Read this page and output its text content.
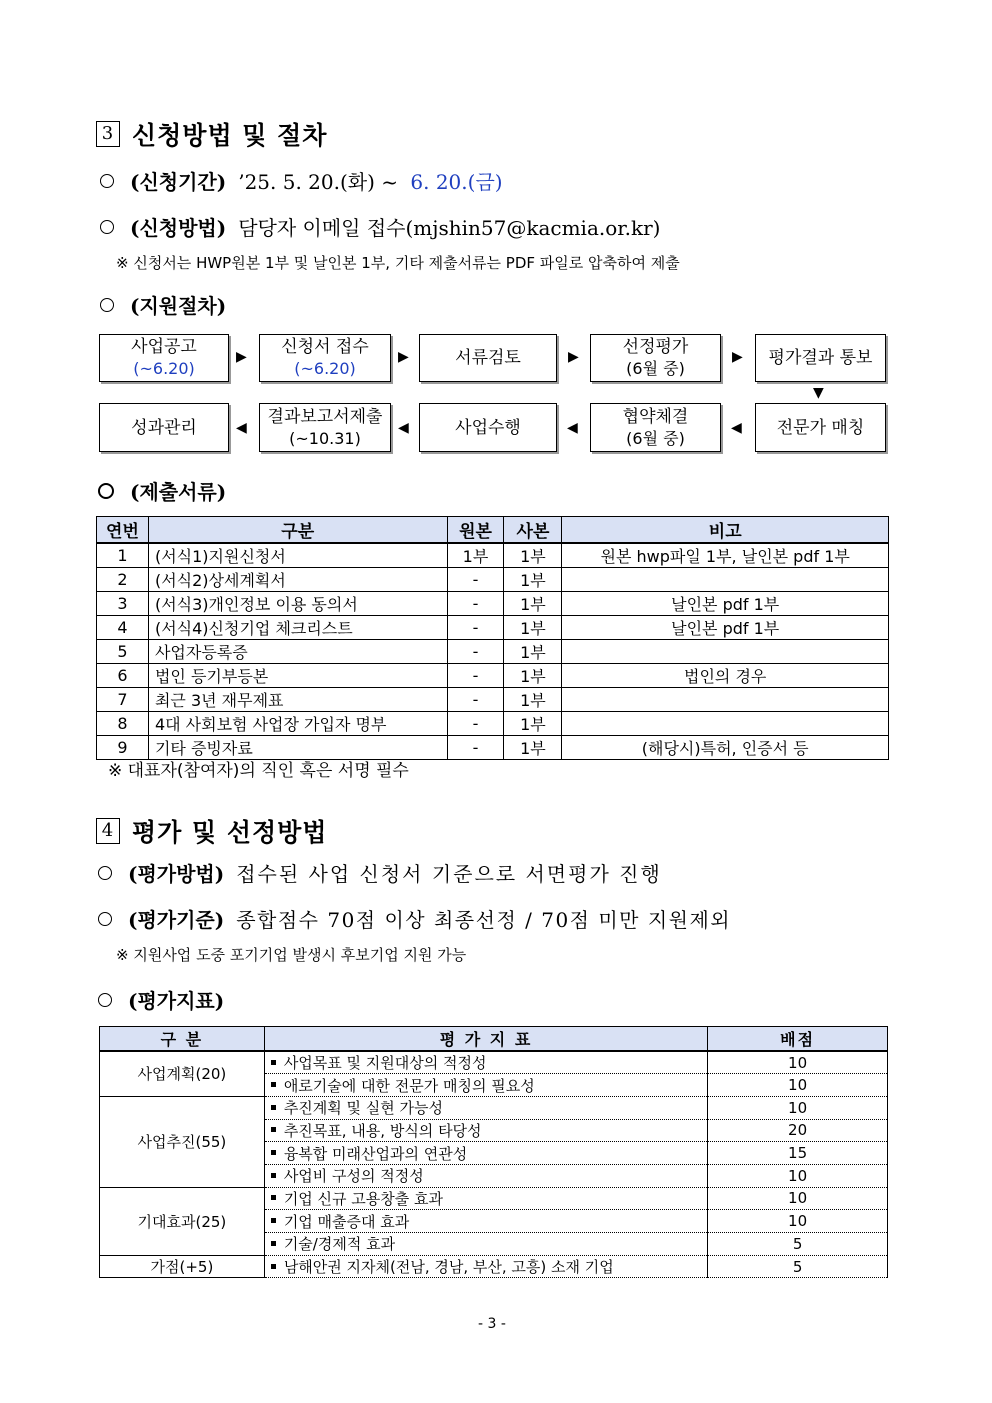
3 신청방법 및 절차
(신청기간) ’25. 5. 20.(화) ~ 6. 20.(금)
(신청방법) 담당자 이메일 접수(mjshin57@kacmia.or.kr)
※ 신청서는 HWP원본 1부 및 날인본 1부, 기타 제출서류는 PDF 파일로 압축하여 제출
(지원절차)
사업공고
(~6.20)
▶ 신청서 접수
(~6.20)
▶	서류검토	▶	선정평가
(6월 중)
▶ 평가결과 통보
▼
성과관리	◀
결과보고서제출
(~10.31)
◀	사업수행	◀
협약체결
(6월 중)
◀ 전문가 매칭
(제출서류)
연번	구분	원본	사본	비고
1	(서식1)지원신청서	1부	1부	원본 hwp파일 1부, 날인본 pdf 1부
2	(서식2)상세계획서	-	1부	
3	(서식3)개인정보 이용 동의서	-	1부	날인본 pdf 1부
4	(서식4)신청기업 체크리스트	-	1부	날인본 pdf 1부
5	사업자등록증	-	1부	
6	법인 등기부등본	-	1부	법인의 경우
7	최근 3년 재무제표	-	1부	
8	4대 사회보험 사업장 가입자 명부	-	1부	
9	기타 증빙자료	-	1부	(해당시)특허, 인증서 등
※ 대표자(참여자)의 직인 혹은 서명 필수
4 평가 및 선정방법
(평가방법) 접수된 사업 신청서 기준으로 서면평가 진행
(평가기준) 종합점수 70점 이상 최종선정 / 70점 미만 지원제외
※ 지원사업 도중 포기기업 발생시 후보기업 지원 가능
(평가지표)
구 분	평 가 지 표	배점
사업계획(20)	사업목표 및 지원대상의 적정성	10
	애로기술에 대한 전문가 매칭의 필요성	10
사업추진(55)	추진계획 및 실현 가능성	10
	추진목표, 내용, 방식의 타당성	20
	융복합 미래산업과의 연관성	15
	사업비 구성의 적정성	10
기대효과(25)	기업 신규 고용창출 효과	10
	기업 매출증대 효과	10
	기술/경제적 효과	5
가점(+5)	남해안권 지자체(전남, 경남, 부산, 고흥) 소재 기업	5
- 3 -
